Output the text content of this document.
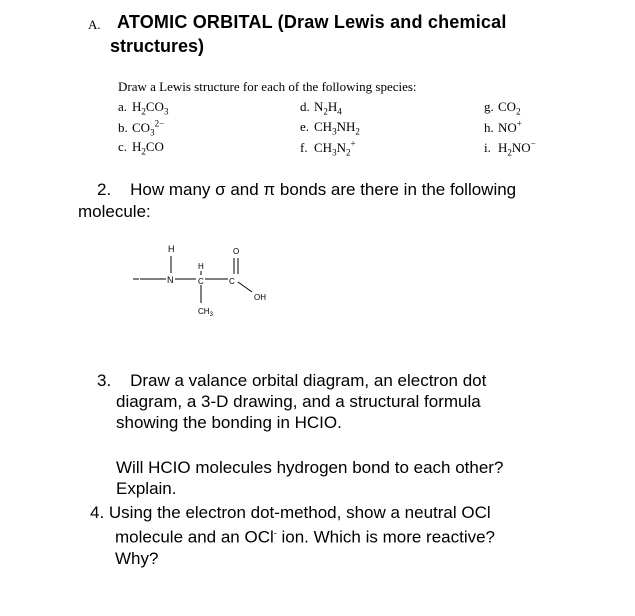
A. ATOMIC ORBITAL (Draw Lewis and chemical
structures)
Draw a Lewis structure for each of the following species:
a. $H_2CO_3$
b. $CO_3^{2-}$
c. $H_2CO$
d. $N_2H_4$
e. $CH_3NH_2$
f. $CH_3N_2^+$
g. $CO_2$
h. NO+
i. $H_2NO^-$
2. How many σ and π bonds are there in the following
molecule:
H
N
H
C	C
O
OH
$CH_3$
3. Draw a valance orbital diagram, an electron dot
diagram, a 3-D drawing, and a structural formula
showing the bonding in HCIO.
Will HCIO molecules hydrogen bond to each other?
Explain.
4. Using the electron dot-method, show a neutral OCl
molecule and an OCl- ion. Which is more reactive?
Why?
